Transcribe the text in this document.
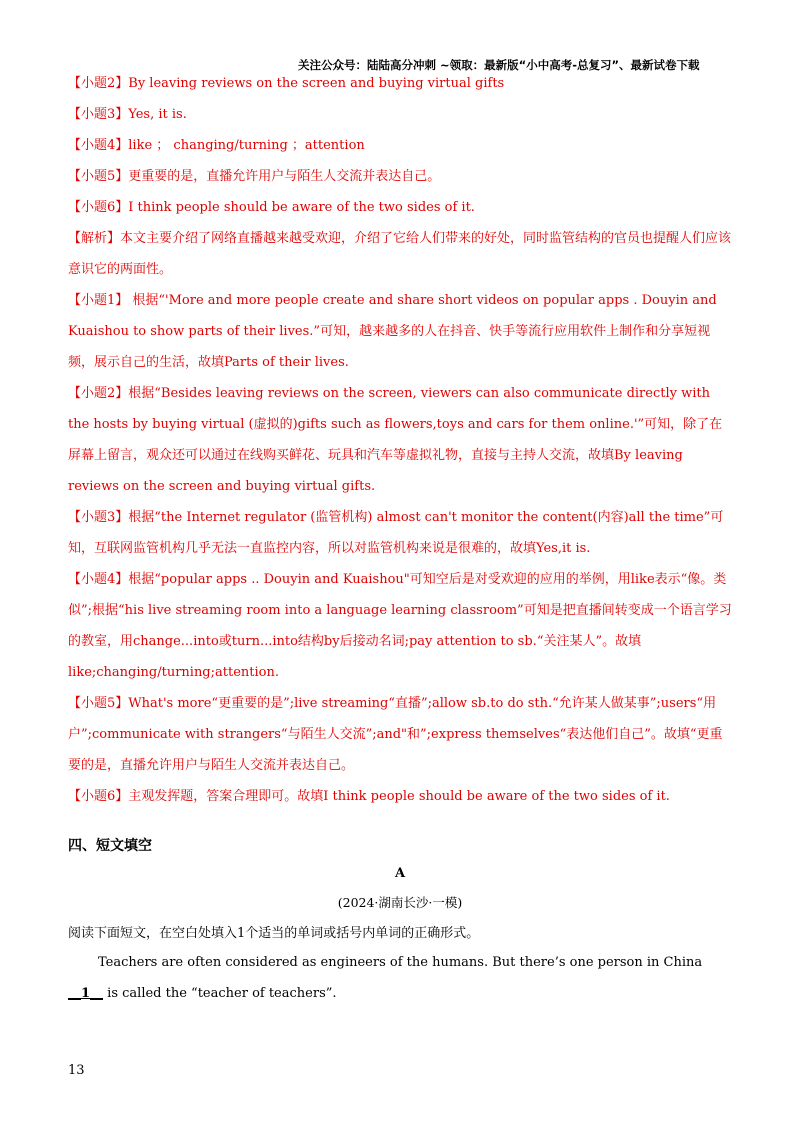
关注公众号：陆陆高分冲刺 ~领取：最新版“小中高考-总复习”、最新试卷下载

【小题2】By leaving reviews on the screen and buying virtual gifts

【小题3】Yes, it is.

【小题4】like ； changing/turning ；attention

【小题5】更重要的是，直播允许用户与陌生人交流并表达自己。

【小题6】I think people should be aware of the two sides of it.

【解析】本文主要介绍了网络直播越来越受欢迎，介绍了它给人们带来的好处，同时监管结构的官员也提醒人们应该意识它的两面性。

【小题1】 根据“'More and more people create and share short videos on popular apps . Douyin and Kuaishou to show parts of their lives.”可知，越来越多的人在抖音、快手等流行应用软件上制作和分享短视频，展示自己的生活，故填Parts of their lives.

【小题2】根据“Besides leaving reviews on the screen, viewers can also communicate directly with the hosts by buying virtual (虚拟的)gifts such as flowers,toys and cars for them online.'”可知，除了在屏幕上留言，观众还可以通过在线购买鲜花、玩具和汽车等虚拟礼物，直接与主持人交流，故填By leaving reviews on the screen and buying virtual gifts.

【小题3】根据“the Internet regulator (监管机构) almost can't monitor the content(内容)all the time”可知，互联网监管机构几乎无法一直监控内容，所以对监管机构来说是很难的，故填Yes,it is.

【小题4】根据“popular apps .. Douyin and Kuaishou"可知空后是对受欢迎的应用的举例，用like表示“像。类似”;根据“his live streaming room into a language learning classroom”可知是把直播间转变成一个语言学习的教室，用change...into或turn...into结构by后接动名词;pay attention to sb.“关注某人”。故填like;changing/turning;attention.

【小题5】What's more“更重要的是”;live streaming“直播”;allow sb.to do sth.“允许某人做某事”;users“用户”;communicate with strangers“与陌生人交流”;and"和”;express themselves“表达他们自己”。故填“更重要的是，直播允许用户与陌生人交流并表达自己。

【小题6】主观发挥题，答案合理即可。故填I think people should be aware of the two sides of it.

四、短文填空
A
(2024·湖南长沙·一模)
阅读下面短文，在空白处填入1个适当的单词或括号内单词的正确形式。
Teachers are often considered as engineers of the humans. But there’s one person in China __1__ is called the “teacher of teachers”.
13
